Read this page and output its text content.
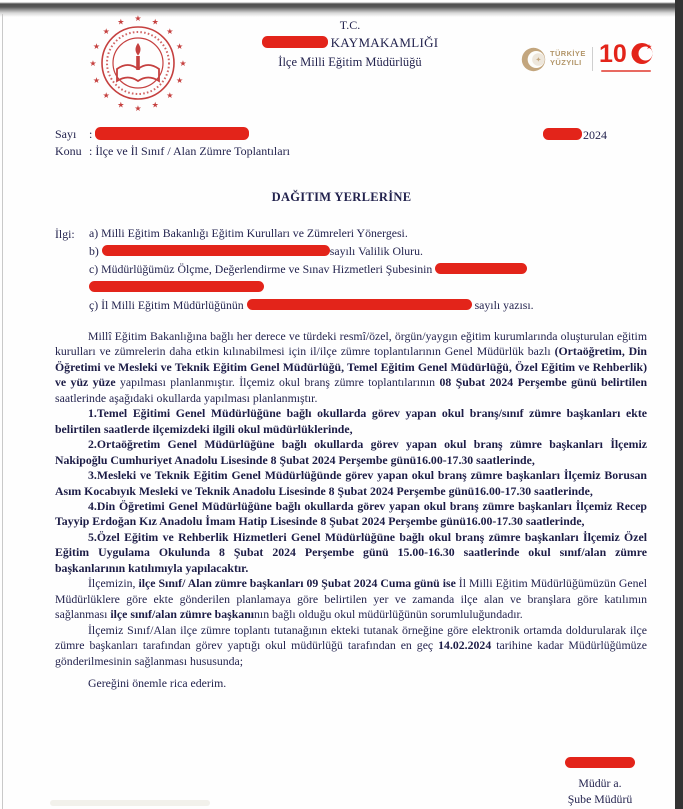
★
★
★
★
★
★
★
★
★
★
★
★ ★ ★
★
★
T.C.
KAYMAKAMLIĞI
İlçe Milli Eğitim Müdürlüğü	✦
TÜRKİYE
YÜZYILI 10	★
Sayı :	2024
Konu : İlçe ve İl Sınıf / Alan Zümre Toplantıları
DAĞITIM YERLERİNE
İlgi: a) Milli Eğitim Bakanlığı Eğitim Kurulları ve Zümreleri Yönergesi.

b)	sayılı Valilik Oluru.

c) Müdürlüğümüz Ölçme, Değerlendirme ve Sınav Hizmetleri Şubesinin

ç) İl Milli Eğitim Müdürlüğünün	sayılı yazısı.

Millî Eğitim Bakanlığına bağlı her derece ve türdeki resmî/özel, örgün/yaygın eğitim kurumlarında oluşturulan eğitim kurulları ve zümrelerin daha etkin kılınabilmesi için il/ilçe zümre toplantılarının Genel Müdürlük bazlı (Ortaöğretim, Din Öğretimi ve Mesleki ve Teknik Eğitim Genel Müdürlüğü, Temel Eğitim Genel Müdürlüğü, Özel Eğitim ve Rehberlik) ve yüz yüze yapılması planlanmıştır. İlçemiz okul branş zümre toplantılarının 08 Şubat 2024 Perşembe günü belirtilen saatlerinde aşağıdaki okullarda yapılması planlanmıştır.

1.Temel Eğitimi Genel Müdürlüğüne bağlı okullarda görev yapan okul branş/sınıf zümre başkanları ekte belirtilen saatlerde ilçemizdeki ilgili okul müdürlüklerinde,

2.Ortaöğretim Genel Müdürlüğüne bağlı okullarda görev yapan okul branş zümre başkanları İlçemiz Nakipoğlu Cumhuriyet Anadolu Lisesinde 8 Şubat 2024 Perşembe günü16.00-17.30 saatlerinde,

3.Mesleki ve Teknik Eğitim Genel Müdürlüğünde görev yapan okul branş zümre başkanları İlçemiz Borusan Asım Kocabıyık Mesleki ve Teknik Anadolu Lisesinde 8 Şubat 2024 Perşembe günü16.00-17.30 saatlerinde,

4.Din Öğretimi Genel Müdürlüğüne bağlı okullarda görev yapan okul branş zümre başkanları İlçemiz Recep Tayyip Erdoğan Kız Anadolu İmam Hatip Lisesinde 8 Şubat 2024 Perşembe günü16.00-17.30 saatlerinde,

5.Özel Eğitim ve Rehberlik Hizmetleri Genel Müdürlüğüne bağlı okul branş zümre başkanları İlçemiz Özel Eğitim Uygulama Okulunda 8 Şubat 2024 Perşembe günü 15.00-16.30 saatlerinde okul sınıf/alan zümre başkanlarının katılımıyla yapılacaktır.

İlçemizin, ilçe Sınıf/ Alan zümre başkanları 09 Şubat 2024 Cuma günü ise İl Milli Eğitim Müdürlüğümüzün Genel Müdürlüklere göre ekte gönderilen planlamaya göre belirtilen yer ve zamanda ilçe alan ve branşlara göre katılımın sağlanması ilçe sınıf/alan zümre başkanının bağlı olduğu okul müdürlüğünün sorumluluğundadır.

İlçemiz Sınıf/Alan ilçe zümre toplantı tutanağının ekteki tutanak örneğine göre elektronik ortamda doldurularak ilçe zümre başkanları tarafından görev yaptığı okul müdürlüğü tarafından en geç 14.02.2024 tarihine kadar Müdürlüğümüze gönderilmesinin sağlanması hususunda;

Gereğini önemle rica ederim.

Müdür a.
Şube Müdürü
